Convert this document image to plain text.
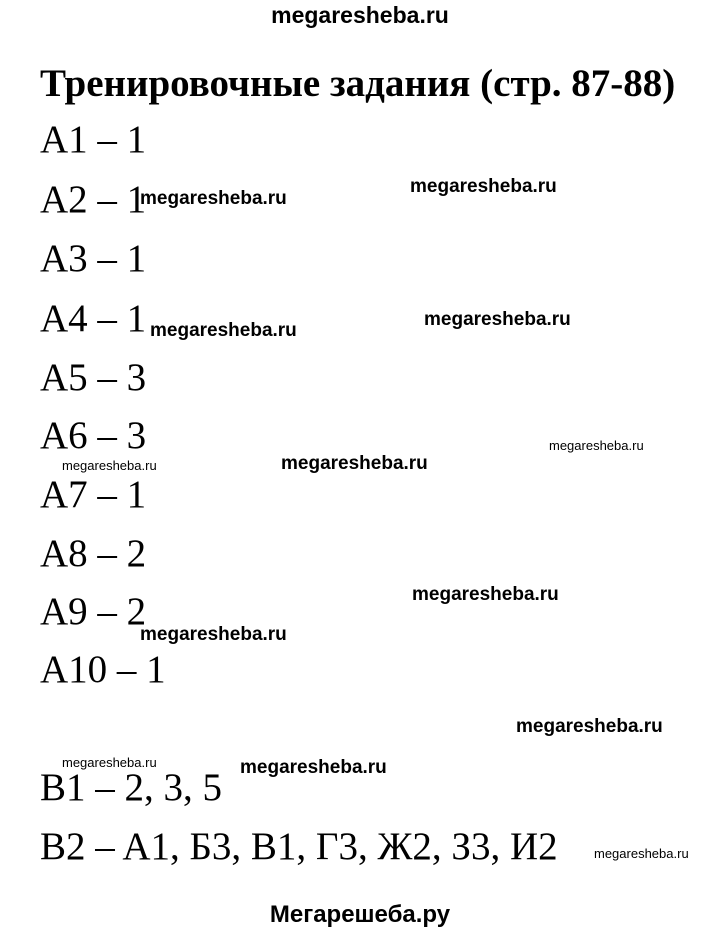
megaresheba.ru
Тренировочные задания (стр. 87-88)
A1 – 1
A2 – 1
A3 – 1
A4 – 1
A5 – 3
A6 – 3
A7 – 1
A8 – 2
A9 – 2
A10 – 1
B1 – 2, 3, 5
B2 – A1, Б3, В1, Г3, Ж2, З3, И2
megaresheba.ru
megaresheba.ru
megaresheba.ru
megaresheba.ru
megaresheba.ru
megaresheba.ru	megaresheba.ru
megaresheba.ru
megaresheba.ru
megaresheba.ru
megaresheba.ru	megaresheba.ru
megaresheba.ru
Мегарешеба.ру
